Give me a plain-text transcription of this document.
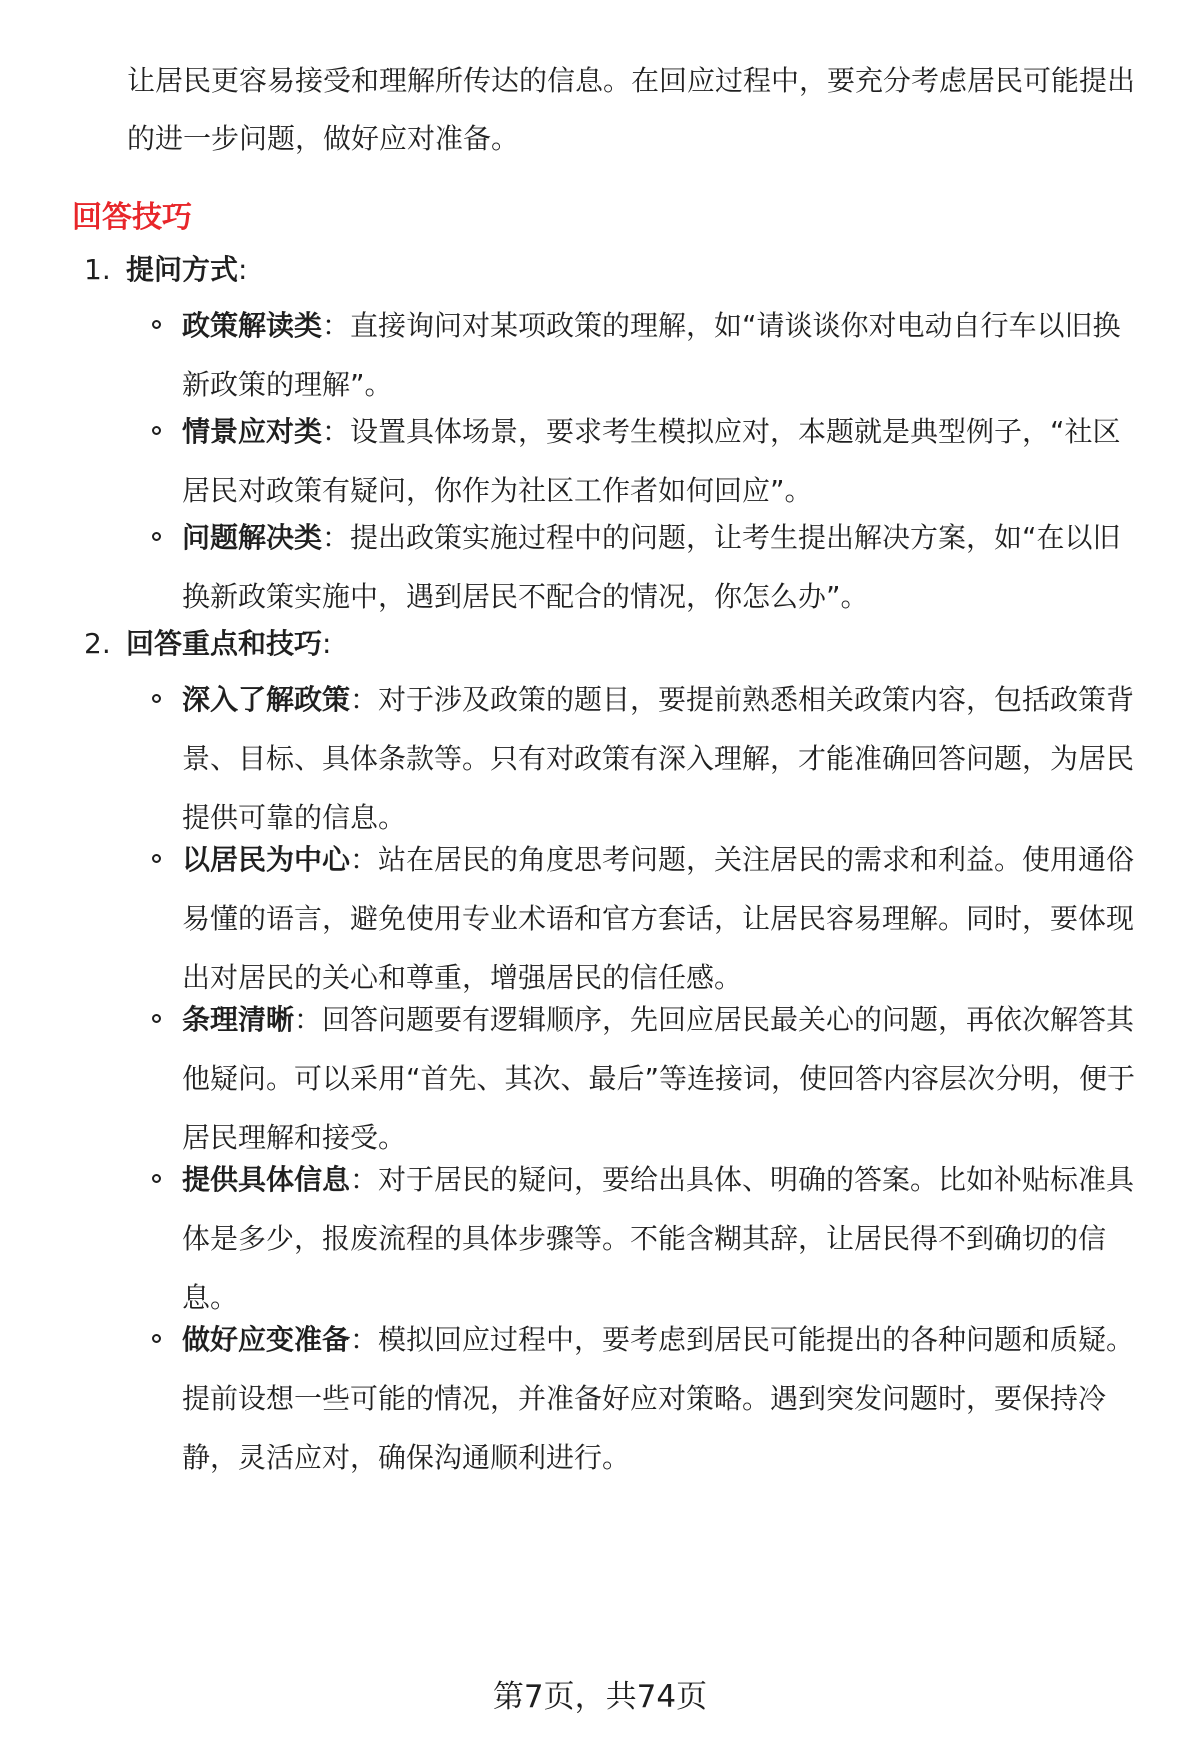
让居民更容易接受和理解所传达的信息。在回应过程中，要充分考虑居民可能提出的进一步问题，做好应对准备。

回答技巧
1. 提问方式:
政策解读类：直接询问对某项政策的理解，如“请谈谈你对电动自行车以旧换新政策的理解”。
情景应对类：设置具体场景，要求考生模拟应对，本题就是典型例子，“社区居民对政策有疑问，你作为社区工作者如何回应”。
问题解决类：提出政策实施过程中的问题，让考生提出解决方案，如“在以旧换新政策实施中，遇到居民不配合的情况，你怎么办”。
2. 回答重点和技巧:
深入了解政策：对于涉及政策的题目，要提前熟悉相关政策内容，包括政策背景、目标、具体条款等。只有对政策有深入理解，才能准确回答问题，为居民提供可靠的信息。
以居民为中心：站在居民的角度思考问题，关注居民的需求和利益。使用通俗易懂的语言，避免使用专业术语和官方套话，让居民容易理解。同时，要体现出对居民的关心和尊重，增强居民的信任感。
条理清晰：回答问题要有逻辑顺序，先回应居民最关心的问题，再依次解答其他疑问。可以采用“首先、其次、最后”等连接词，使回答内容层次分明，便于居民理解和接受。
提供具体信息：对于居民的疑问，要给出具体、明确的答案。比如补贴标准具体是多少，报废流程的具体步骤等。不能含糊其辞，让居民得不到确切的信息。
做好应变准备：模拟回应过程中，要考虑到居民可能提出的各种问题和质疑。提前设想一些可能的情况，并准备好应对策略。遇到突发问题时，要保持冷静，灵活应对，确保沟通顺利进行。
第7页，共74页
